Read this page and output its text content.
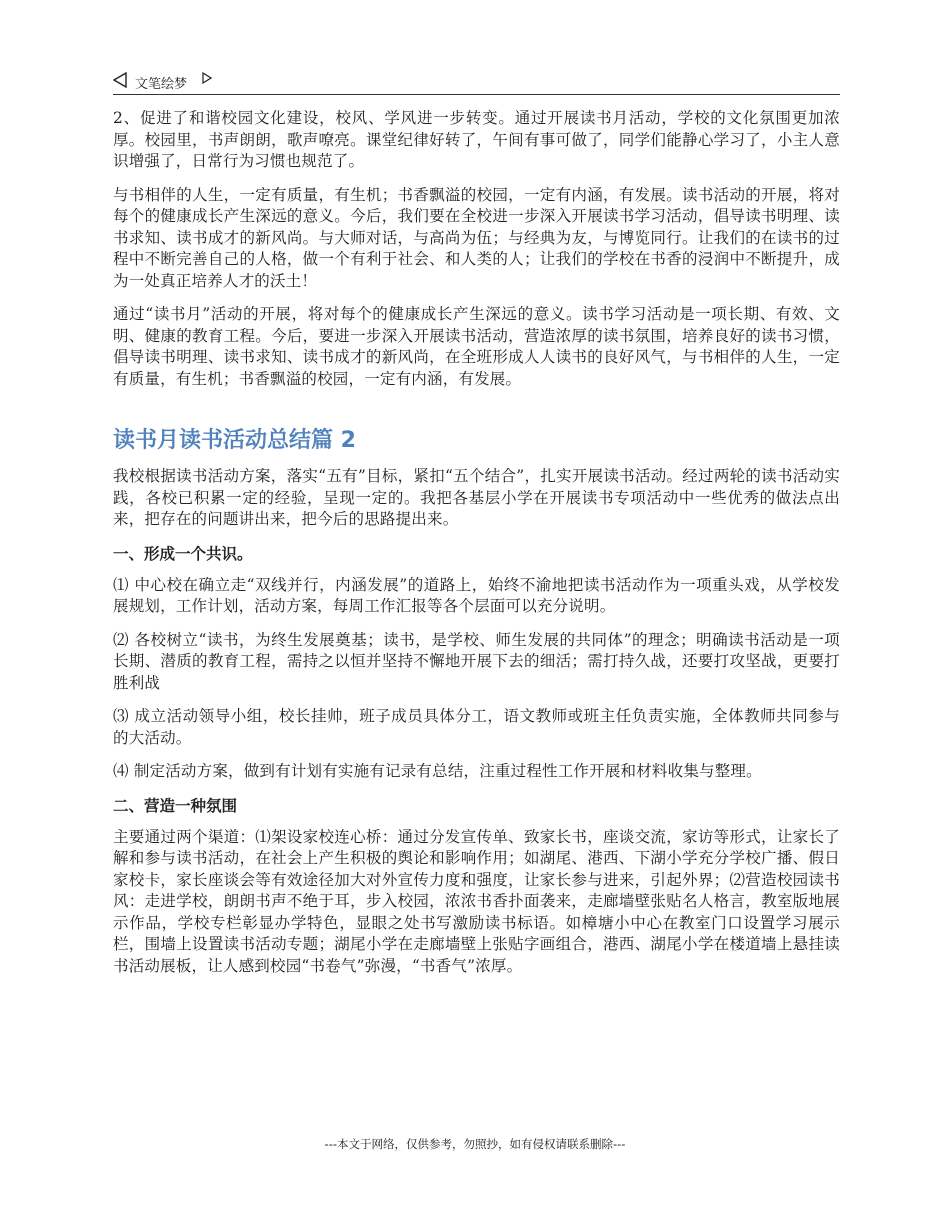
文笔绘梦

2、促进了和谐校园文化建设，校风、学风进一步转变。通过开展读书月活动，学校的文化氛围更加浓厚。校园里，书声朗朗，歌声嘹亮。课堂纪律好转了，午间有事可做了，同学们能静心学习了，小主人意识增强了，日常行为习惯也规范了。

与书相伴的人生，一定有质量，有生机；书香飘溢的校园，一定有内涵，有发展。读书活动的开展，将对每个的健康成长产生深远的意义。今后，我们要在全校进一步深入开展读书学习活动，倡导读书明理、读书求知、读书成才的新风尚。与大师对话，与高尚为伍；与经典为友，与博览同行。让我们的在读书的过程中不断完善自己的人格，做一个有利于社会、和人类的人；让我们的学校在书香的浸润中不断提升，成为一处真正培养人才的沃土！

通过“读书月”活动的开展，将对每个的健康成长产生深远的意义。读书学习活动是一项长期、有效、文明、健康的教育工程。今后，要进一步深入开展读书活动，营造浓厚的读书氛围，培养良好的读书习惯，倡导读书明理、读书求知、读书成才的新风尚，在全班形成人人读书的良好风气，与书相伴的人生，一定有质量，有生机；书香飘溢的校园，一定有内涵，有发展。

读书月读书活动总结篇 2

我校根据读书活动方案，落实“五有”目标，紧扣“五个结合”，扎实开展读书活动。经过两轮的读书活动实践，各校已积累一定的经验，呈现一定的。我把各基层小学在开展读书专项活动中一些优秀的做法点出来，把存在的问题讲出来，把今后的思路提出来。

一、形成一个共识。

⑴ 中心校在确立走“双线并行，内涵发展”的道路上，始终不渝地把读书活动作为一项重头戏，从学校发展规划，工作计划，活动方案，每周工作汇报等各个层面可以充分说明。

⑵ 各校树立“读书，为终生发展奠基；读书，是学校、师生发展的共同体”的理念；明确读书活动是一项长期、潜质的教育工程，需持之以恒并坚持不懈地开展下去的细活；需打持久战，还要打攻坚战，更要打胜利战

⑶ 成立活动领导小组，校长挂帅，班子成员具体分工，语文教师或班主任负责实施，全体教师共同参与的大活动。

⑷ 制定活动方案，做到有计划有实施有记录有总结，注重过程性工作开展和材料收集与整理。

二、营造一种氛围

主要通过两个渠道：⑴架设家校连心桥：通过分发宣传单、致家长书，座谈交流，家访等形式，让家长了解和参与读书活动，在社会上产生积极的舆论和影响作用；如湖尾、港西、下湖小学充分学校广播、假日家校卡，家长座谈会等有效途径加大对外宣传力度和强度，让家长参与进来，引起外界；⑵营造校园读书风：走进学校，朗朗书声不绝于耳，步入校园，浓浓书香扑面袭来，走廊墙壁张贴名人格言，教室版地展示作品，学校专栏彰显办学特色，显眼之处书写激励读书标语。如樟塘小中心在教室门口设置学习展示栏，围墙上设置读书活动专题；湖尾小学在走廊墙壁上张贴字画组合，港西、湖尾小学在楼道墙上悬挂读书活动展板，让人感到校园“书卷气”弥漫，“书香气”浓厚。

---本文于网络，仅供参考，勿照抄，如有侵权请联系删除---
